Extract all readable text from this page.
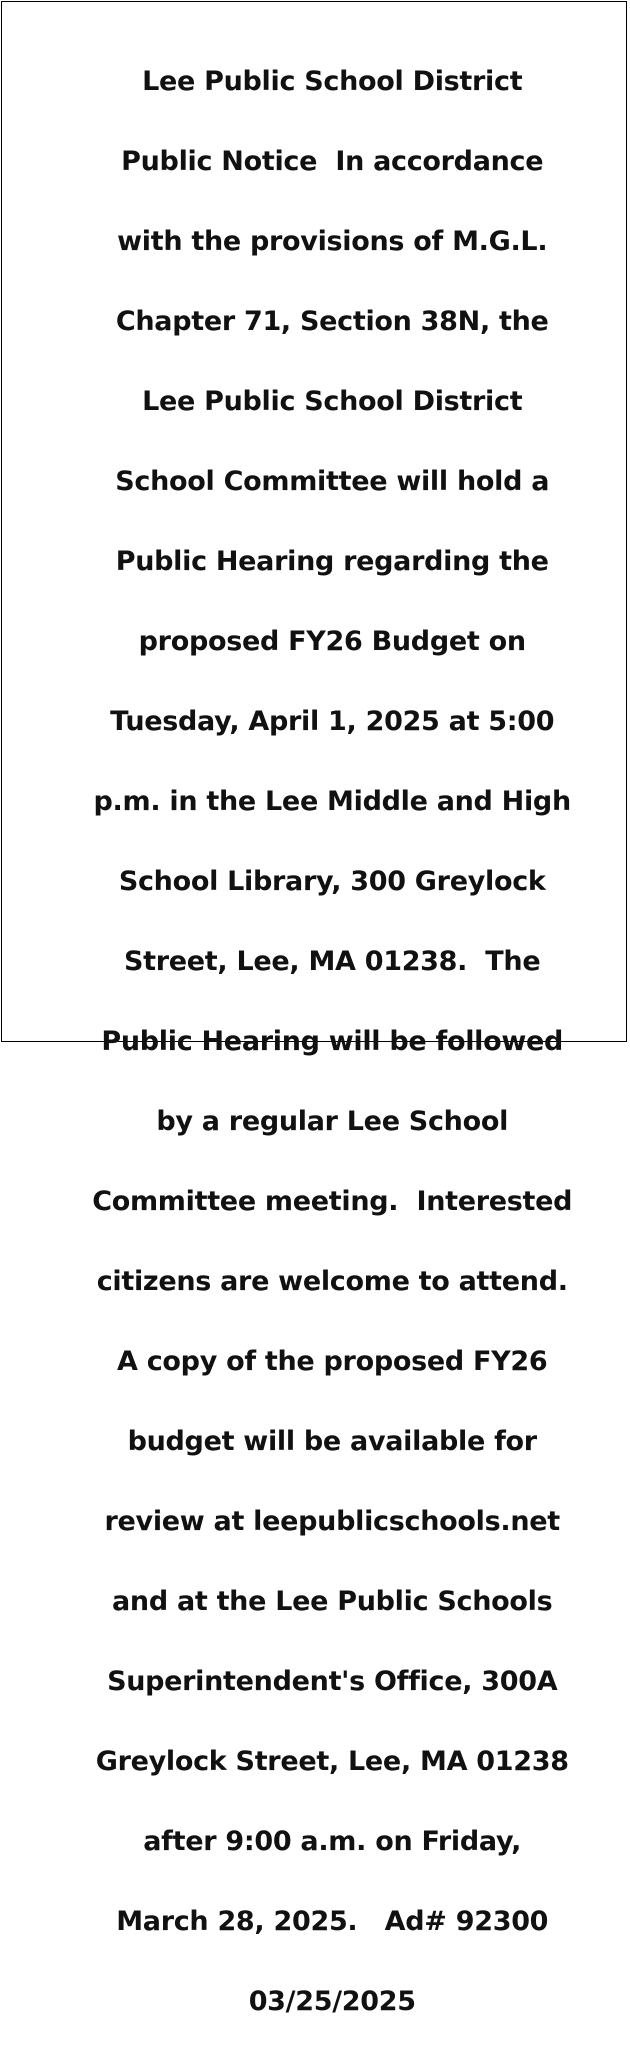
Lee Public School District

Public Notice  In accordance

with the provisions of M.G.L.

Chapter 71, Section 38N, the

Lee Public School District

School Committee will hold a

Public Hearing regarding the

proposed FY26 Budget on

Tuesday, April 1, 2025 at 5:00

p.m. in the Lee Middle and High

School Library, 300 Greylock

Street, Lee, MA 01238.  The

Public Hearing will be followed

by a regular Lee School

Committee meeting.  Interested

citizens are welcome to attend.

A copy of the proposed FY26

budget will be available for

review at leepublicschools.net

and at the Lee Public Schools

Superintendent's Office, 300A

Greylock Street, Lee, MA 01238

after 9:00 a.m. on Friday,

March 28, 2025.   Ad# 92300

03/25/2025
